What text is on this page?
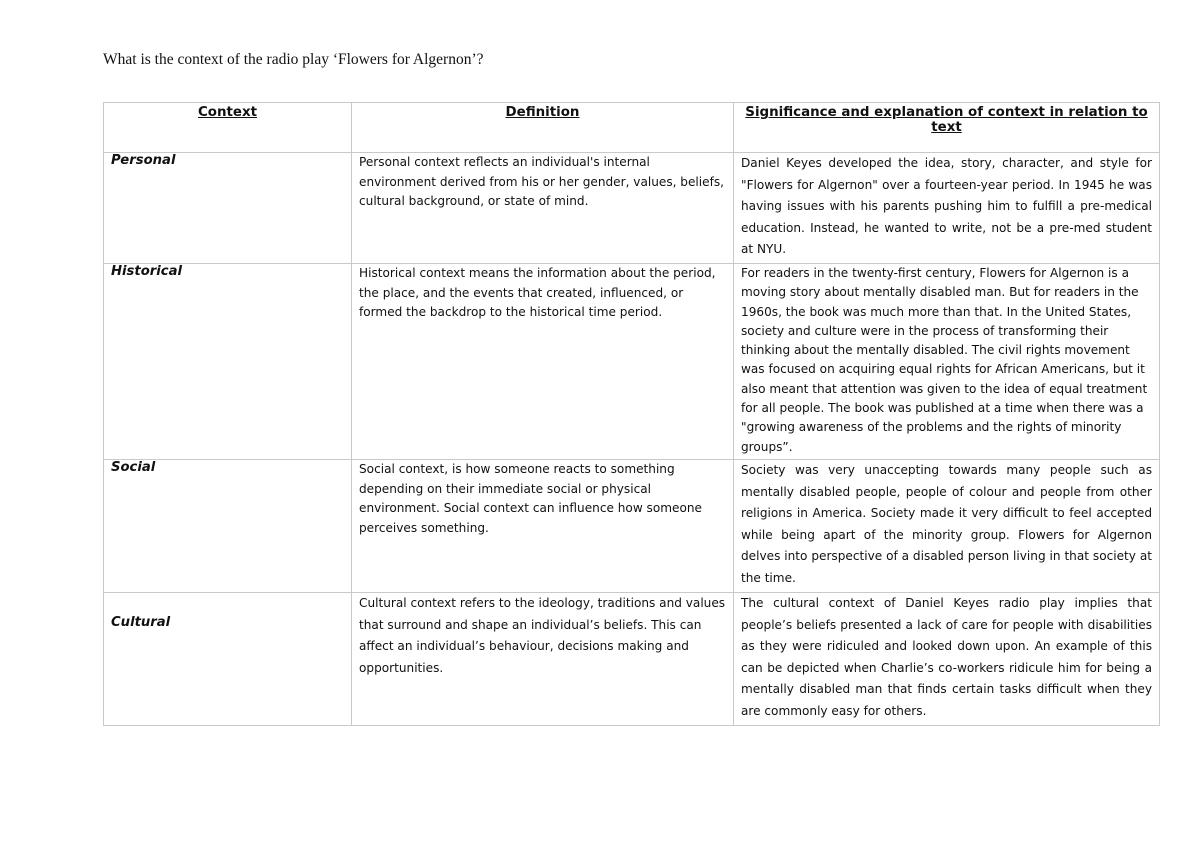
What is the context of the radio play ‘Flowers for Algernon’?
Context	Definition	Significance and explanation of context in relation to text
Personal	Personal context reflects an individual's internal environment derived from his or her gender, values, beliefs, cultural background, or state of mind.	Daniel Keyes developed the idea, story, character, and style for "Flowers for Algernon" over a fourteen-year period. In 1945 he was having issues with his parents pushing him to fulfill a pre-medical education. Instead, he wanted to write, not be a pre-med student at NYU.
Historical	Historical context means the information about the period, the place, and the events that created, influenced, or formed the backdrop to the historical time period.	For readers in the twenty-first century, Flowers for Algernon is a moving story about mentally disabled man. But for readers in the 1960s, the book was much more than that. In the United States, society and culture were in the process of transforming their thinking about the mentally disabled. The civil rights movement was focused on acquiring equal rights for African Americans, but it also meant that attention was given to the idea of equal treatment for all people. The book was published at a time when there was a "growing awareness of the problems and the rights of minority groups”.
Social	Social context, is how someone reacts to something depending on their immediate social or physical environment. Social context can influence how someone perceives something.	Society was very unaccepting towards many people such as mentally disabled people, people of colour and people from other religions in America. Society made it very difficult to feel accepted while being apart of the minority group. Flowers for Algernon delves into perspective of a disabled person living in that society at the time.

Cultural	Cultural context refers to the ideology, traditions and values that surround and shape an individual’s beliefs. This can affect an individual’s behaviour, decisions making and opportunities.	The cultural context of Daniel Keyes radio play implies that people’s beliefs presented a lack of care for people with disabilities as they were ridiculed and looked down upon. An example of this can be depicted when Charlie’s co-workers ridicule him for being a mentally disabled man that finds certain tasks difficult when they are commonly easy for others.
